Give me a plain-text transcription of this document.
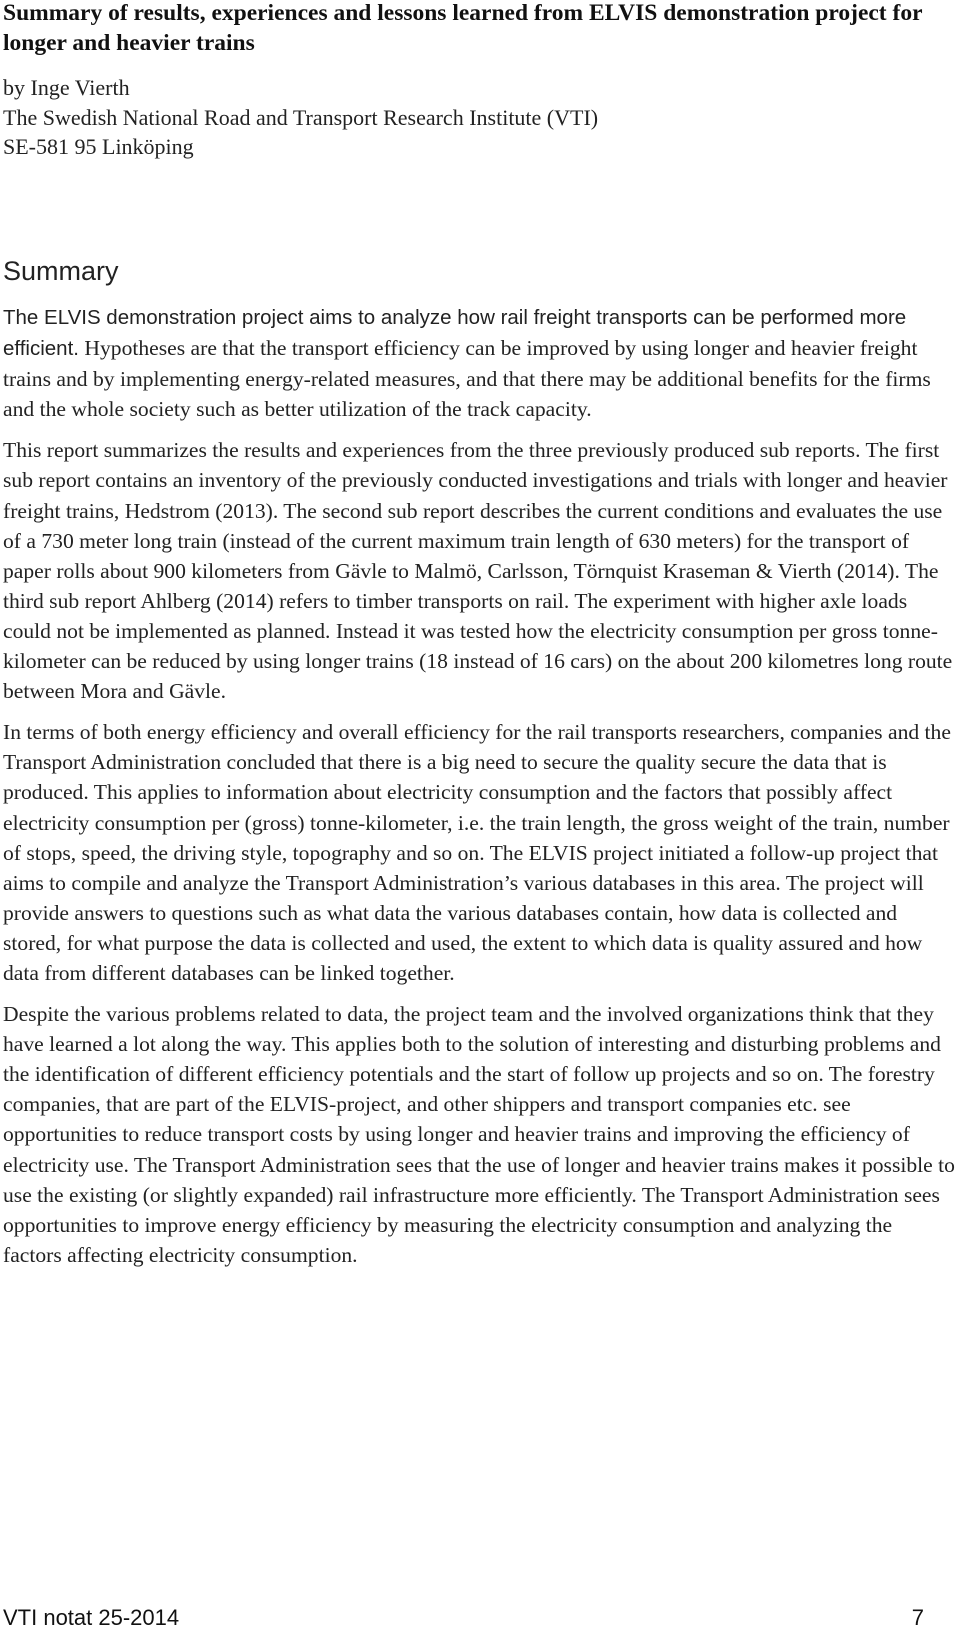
Summary of results, experiences and lessons learned from ELVIS demonstration project for longer and heavier trains
by Inge Vierth
The Swedish National Road and Transport Research Institute (VTI)
SE-581 95 Linköping
Summary

The ELVIS demonstration project aims to analyze how rail freight transports can be performed more efficient. Hypotheses are that the transport efficiency can be improved by using longer and heavier freight trains and by implementing energy-related measures, and that there may be additional benefits for the firms and the whole society such as better utilization of the track capacity.

This report summarizes the results and experiences from the three previously produced sub reports. The first sub report contains an inventory of the previously conducted investigations and trials with longer and heavier freight trains, Hedstrom (2013). The second sub report describes the current conditions and evaluates the use of a 730 meter long train (instead of the current maximum train length of 630 meters) for the transport of paper rolls about 900 kilometers from Gävle to Malmö, Carlsson, Törnquist Kraseman & Vierth (2014). The third sub report Ahlberg (2014) refers to timber transports on rail. The experiment with higher axle loads could not be implemented as planned. Instead it was tested how the electricity consumption per gross tonne-kilometer can be reduced by using longer trains (18 instead of 16 cars) on the about 200 kilometres long route between Mora and Gävle.

In terms of both energy efficiency and overall efficiency for the rail transports researchers, companies and the Transport Administration concluded that there is a big need to secure the quality secure the data that is produced. This applies to information about electricity consumption and the factors that possibly affect electricity consumption per (gross) tonne-kilometer, i.e. the train length, the gross weight of the train, number of stops, speed, the driving style, topography and so on. The ELVIS project initiated a follow-up project that aims to compile and analyze the Transport Administration’s various databases in this area. The project will provide answers to questions such as what data the various databases contain, how data is collected and stored, for what purpose the data is collected and used, the extent to which data is quality assured and how data from different databases can be linked together.

Despite the various problems related to data, the project team and the involved organizations think that they have learned a lot along the way. This applies both to the solution of interesting and disturbing problems and the identification of different efficiency potentials and the start of follow up projects and so on. The forestry companies, that are part of the ELVIS-project, and other shippers and transport companies etc. see opportunities to reduce transport costs by using longer and heavier trains and improving the efficiency of electricity use. The Transport Administration sees that the use of longer and heavier trains makes it possible to use the existing (or slightly expanded) rail infrastructure more efficiently. The Transport Administration sees opportunities to improve energy efficiency by measuring the electricity consumption and analyzing the factors affecting electricity consumption.

VTI notat 25-2014	7
